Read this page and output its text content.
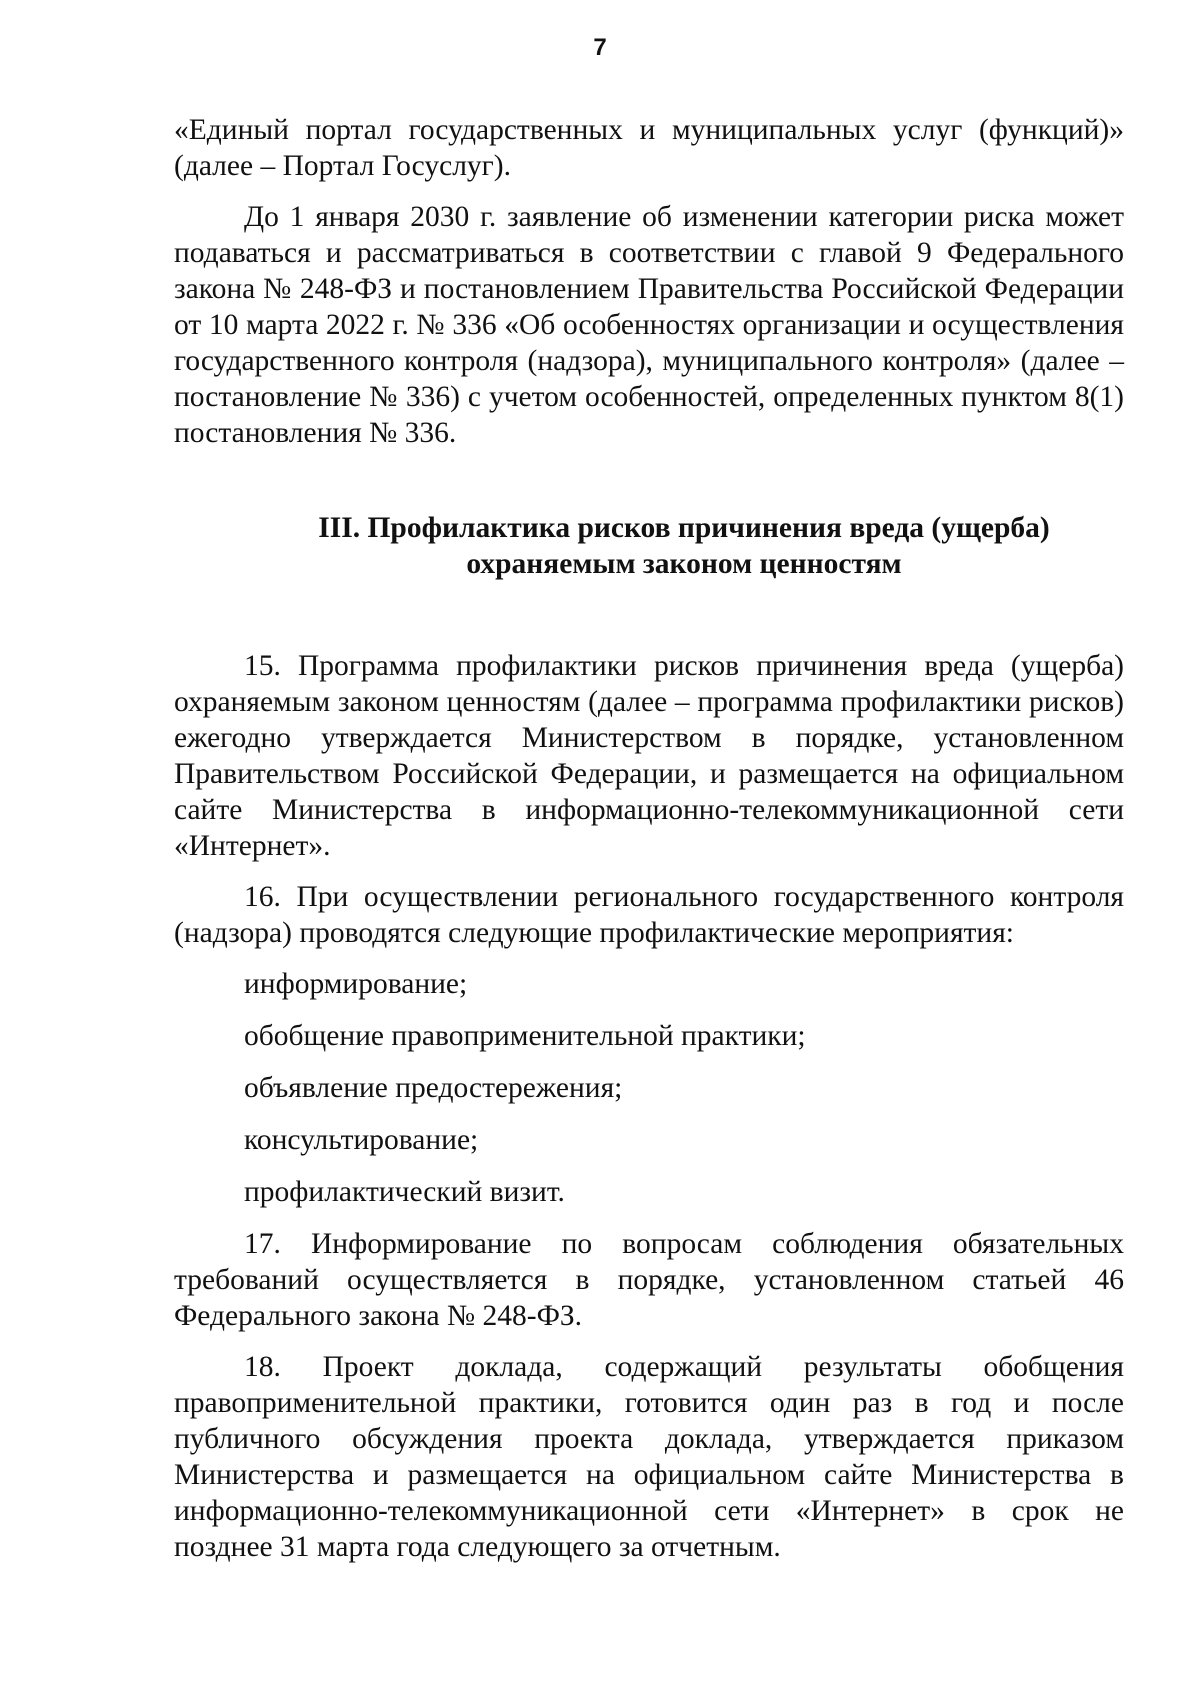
7

«Единый портал государственных и муниципальных услуг (функций)» (далее – Портал Госуслуг).

До 1 января 2030 г. заявление об изменении категории риска может подаваться и рассматриваться в соответствии с главой 9 Федерального закона № 248-ФЗ и постановлением Правительства Российской Федерации от 10 марта 2022 г. № 336 «Об особенностях организации и осуществления государственного контроля (надзора), муниципального контроля» (далее – постановление № 336) с учетом особенностей, определенных пунктом 8(1) постановления № 336.

III. Профилактика рисков причинения вреда (ущерба)
охраняемым законом ценностям

15. Программа профилактики рисков причинения вреда (ущерба) охраняемым законом ценностям (далее – программа профилактики рисков) ежегодно утверждается Министерством в порядке, установленном Правительством Российской Федерации, и размещается на официальном сайте Министерства в информационно-телекоммуникационной сети «Интернет».

16. При осуществлении регионального государственного контроля (надзора) проводятся следующие профилактические мероприятия:

информирование;

обобщение правоприменительной практики;

объявление предостережения;

консультирование;

профилактический визит.

17. Информирование по вопросам соблюдения обязательных требований осуществляется в порядке, установленном статьей 46 Федерального закона № 248-ФЗ.

18. Проект доклада, содержащий результаты обобщения правоприменительной практики, готовится один раз в год и после публичного обсуждения проекта доклада, утверждается приказом Министерства и размещается на официальном сайте Министерства в информационно-телекоммуникационной сети «Интернет» в срок не позднее 31 марта года следующего за отчетным.
